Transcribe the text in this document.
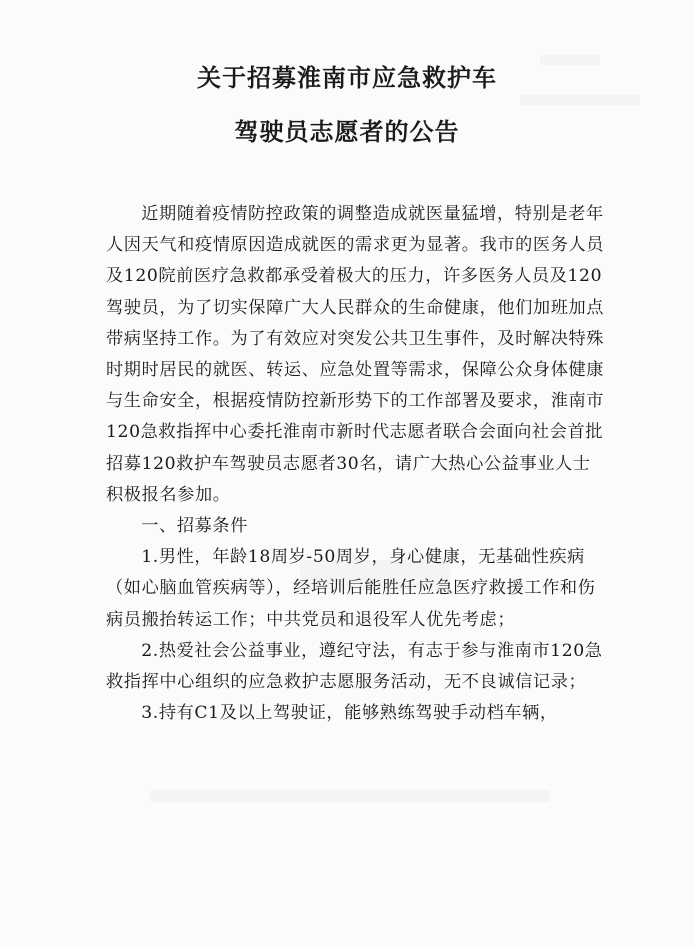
关于招募淮南市应急救护车
驾驶员志愿者的公告

近期随着疫情防控政策的调整造成就医量猛增，特别是老年人因天气和疫情原因造成就医的需求更为显著。我市的医务人员及120院前医疗急救都承受着极大的压力，许多医务人员及120驾驶员，为了切实保障广大人民群众的生命健康，他们加班加点带病坚持工作。为了有效应对突发公共卫生事件，及时解决特殊时期时居民的就医、转运、应急处置等需求，保障公众身体健康与生命安全，根据疫情防控新形势下的工作部署及要求，淮南市120急救指挥中心委托淮南市新时代志愿者联合会面向社会首批招募120救护车驾驶员志愿者30名，请广大热心公益事业人士积极报名参加。

一、招募条件

1.男性，年龄18周岁-50周岁，身心健康，无基础性疾病（如心脑血管疾病等），经培训后能胜任应急医疗救援工作和伤病员搬抬转运工作；中共党员和退役军人优先考虑；

2.热爱社会公益事业，遵纪守法，有志于参与淮南市120急救指挥中心组织的应急救护志愿服务活动，无不良诚信记录；

3.持有C1及以上驾驶证，能够熟练驾驶手动档车辆，
